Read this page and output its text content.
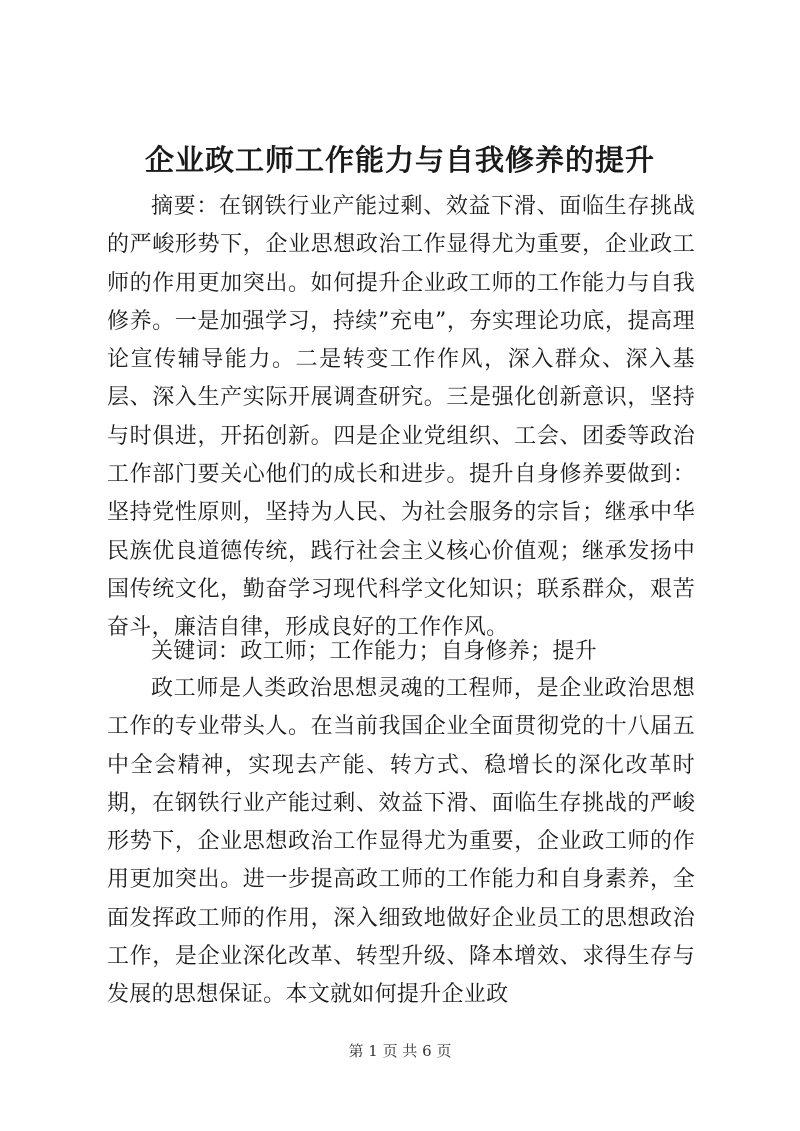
企业政工师工作能力与自我修养的提升

摘要：在钢铁行业产能过剩、效益下滑、面临生存挑战的严峻形势下，企业思想政治工作显得尤为重要，企业政工师的作用更加突出。如何提升企业政工师的工作能力与自我修养。一是加强学习，持续”充电”，夯实理论功底，提高理论宣传辅导能力。二是转变工作作风，深入群众、深入基层、深入生产实际开展调查研究。三是强化创新意识，坚持与时俱进，开拓创新。四是企业党组织、工会、团委等政治工作部门要关心他们的成长和进步。提升自身修养要做到：坚持党性原则，坚持为人民、为社会服务的宗旨；继承中华民族优良道德传统，践行社会主义核心价值观；继承发扬中国传统文化，勤奋学习现代科学文化知识；联系群众，艰苦奋斗，廉洁自律，形成良好的工作作风。

关键词：政工师；工作能力；自身修养；提升

政工师是人类政治思想灵魂的工程师，是企业政治思想工作的专业带头人。在当前我国企业全面贯彻党的十八届五中全会精神，实现去产能、转方式、稳增长的深化改革时期，在钢铁行业产能过剩、效益下滑、面临生存挑战的严峻形势下，企业思想政治工作显得尤为重要，企业政工师的作用更加突出。进一步提高政工师的工作能力和自身素养，全面发挥政工师的作用，深入细致地做好企业员工的思想政治工作，是企业深化改革、转型升级、降本增效、求得生存与发展的思想保证。本文就如何提升企业政

第 1 页 共 6 页
